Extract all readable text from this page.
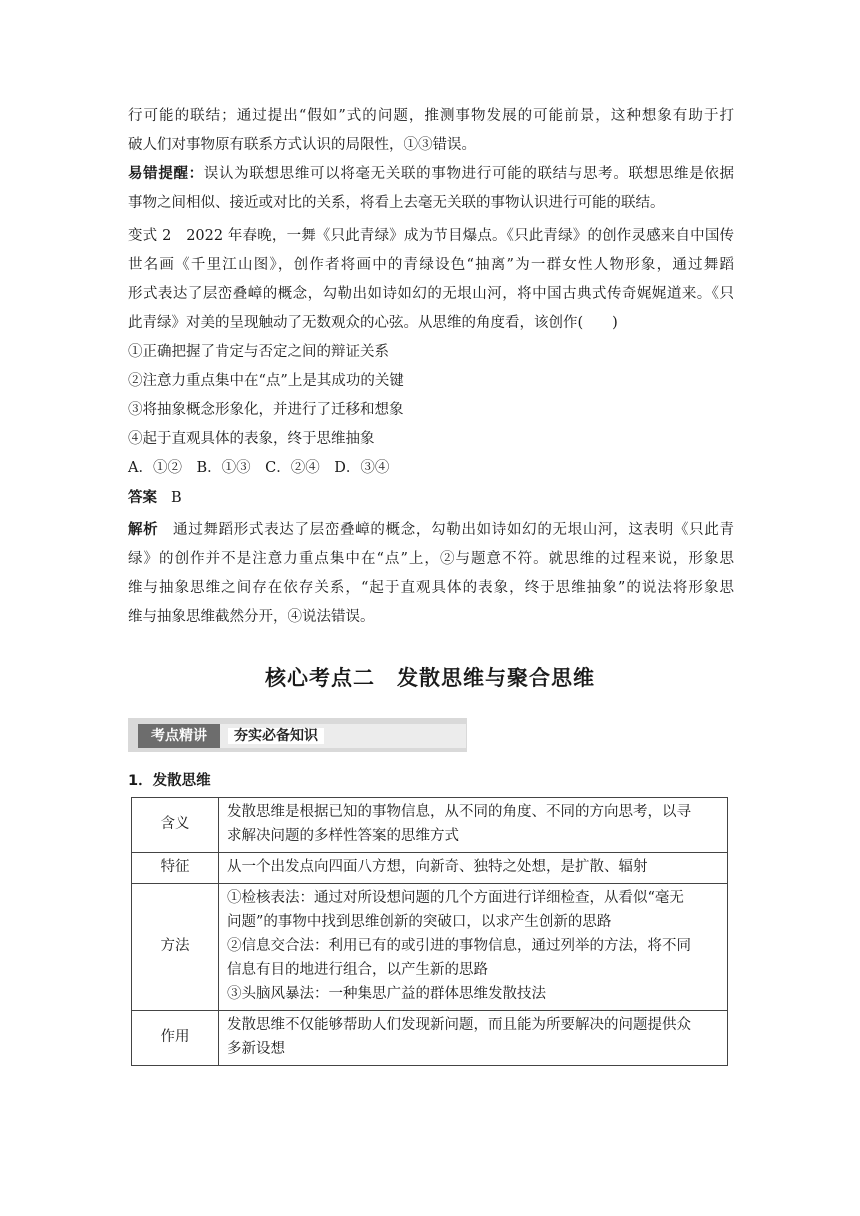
行可能的联结；通过提出“假如”式的问题，推测事物发展的可能前景，这种想象有助于打
破人们对事物原有联系方式认识的局限性，①③错误。
易错提醒：误认为联想思维可以将毫无关联的事物进行可能的联结与思考。联想思维是依据
事物之间相似、接近或对比的关系，将看上去毫无关联的事物认识进行可能的联结。
变式 2　2022 年春晚，一舞《只此青绿》成为节目爆点。《只此青绿》的创作灵感来自中国传
世名画《千里江山图》，创作者将画中的青绿设色“抽离”为一群女性人物形象，通过舞蹈
形式表达了层峦叠嶂的概念，勾勒出如诗如幻的无垠山河，将中国古典式传奇娓娓道来。《只
此青绿》对美的呈现触动了无数观众的心弦。从思维的角度看，该创作(　　)
①正确把握了肯定与否定之间的辩证关系
②注意力重点集中在“点”上是其成功的关键
③将抽象概念形象化，并进行了迁移和想象
④起于直观具体的表象，终于思维抽象
A．①②　B．①③　C．②④　D．③④
答案 B
解析 通过舞蹈形式表达了层峦叠嶂的概念，勾勒出如诗如幻的无垠山河，这表明《只此青
绿》的创作并不是注意力重点集中在“点”上，②与题意不符。就思维的过程来说，形象思
维与抽象思维之间存在依存关系，“起于直观具体的表象，终于思维抽象”的说法将形象思
维与抽象思维截然分开，④说法错误。
核心考点二　发散思维与聚合思维
考点精讲	夯实必备知识
1．发散思维
含义	发散思维是根据已知的事物信息，从不同的角度、不同的方向思考，以寻
求解决问题的多样性答案的思维方式

特征	从一个出发点向四面八方想，向新奇、独特之处想，是扩散、辐射

方法	①检核表法：通过对所设想问题的几个方面进行详细检查，从看似“毫无
问题”的事物中找到思维创新的突破口，以求产生创新的思路
②信息交合法：利用已有的或引进的事物信息，通过列举的方法，将不同
信息有目的地进行组合，以产生新的思路
③头脑风暴法：一种集思广益的群体思维发散技法

作用	发散思维不仅能够帮助人们发现新问题，而且能为所要解决的问题提供众
多新设想
